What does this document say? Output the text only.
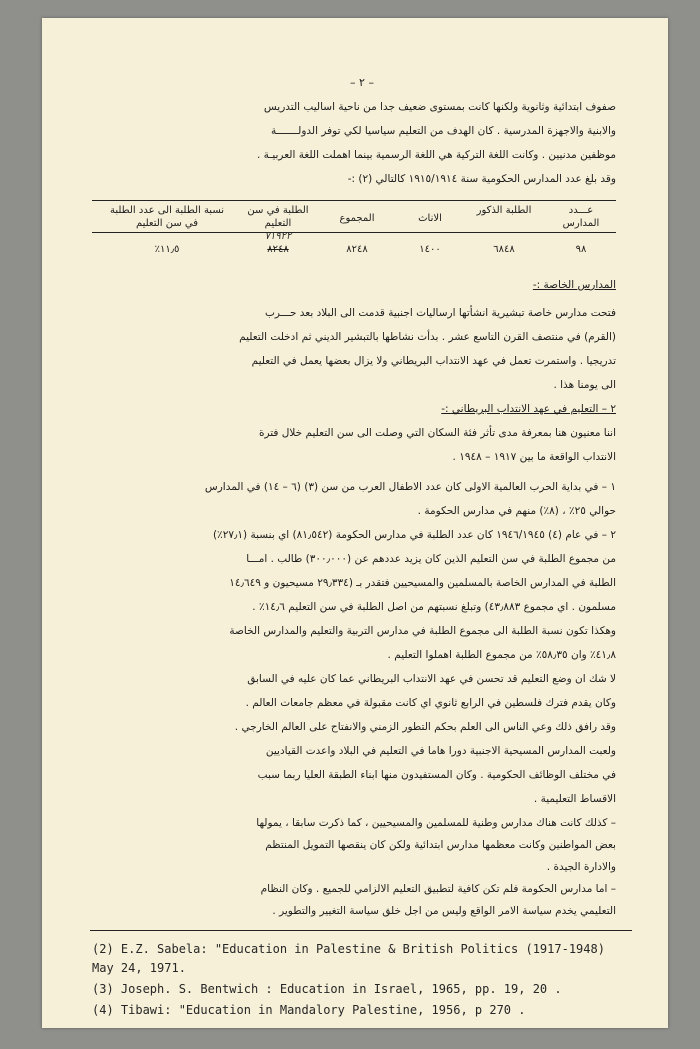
– ٢ –
صفوف ابتدائية وثانوية ولكنها كانت بمستوى ضعيف جدا من ناحية اساليب التدريس
والابنية والاجهزة المدرسية . كان الهدف من التعليم سياسيا لكي توفر الدولـــــــة
موظفين مدنيين . وكانت اللغة التركية هي اللغة الرسمية بينما اهملت اللغة العربيـة .
وقد بلغ عدد المدارس الحكومية سنة ١٩١٥/١٩١٤ كالتالي (٢) :-
عـــدد المدارس
الطلبة الذكور
الاناث
المجموع
الطلبة في سن التعليم
نسبة الطلبة الى عدد الطلبة في سن التعليم
٩٨
٦٨٤٨
١٤٠٠
٨٢٤٨
٨٢٤٨
٧١٩٢٢
١١٫٥٪
المدارس الخاصة :-
فتحت مدارس خاصة تبشيرية انشأتها ارساليات اجنبية قدمت الى البلاد بعد حـــرب
(القرم) في منتصف القرن التاسع عشر . بدأت نشاطها بالتبشير الديني ثم ادخلت التعليم
تدريجيا . واستمرت تعمل في عهد الانتداب البريطاني ولا يزال بعضها يعمل في التعليم
الى يومنا هذا .
٢ – التعليم في عهد الانتداب البريطاني :-
اننا معنيون هنا بمعرفة مدى تأثر فئة السكان التي وصلت الى سن التعليم خلال فترة
الانتداب الواقعة ما بين ١٩١٧ – ١٩٤٨ .
١ – في بداية الحرب العالمية الاولى كان عدد الاطفال العرب من سن (٣) (٦ – ١٤) في المدارس
حوالي ٢٥٪ ، (٨٪) منهم في مدارس الحكومة .
٢ – في عام (٤) ١٩٤٦/١٩٤٥ كان عدد الطلبة في مدارس الحكومة (٨١٫٥٤٢) اي بنسبة (٢٧٫١٪)
من مجموع الطلبة في سن التعليم الذين كان يزيد عددهم عن (٣٠٠٫٠٠٠) طالب . امـــا
الطلبة في المدارس الخاصة بالمسلمين والمسيحيين فتقدر بـ (٢٩٫٣٣٤ مسيحيون و ١٤٫٦٤٩
مسلمون . اي مجموع ٤٣٫٨٨٣) وتبلغ نسبتهم من اصل الطلبة في سن التعليم ١٤٫٦٪ .
وهكذا تكون نسبة الطلبة الى مجموع الطلبة في مدارس التربية والتعليم والمدارس الخاصة
٤١٫٨٪ وان ٥٨٫٣٥٪ من مجموع الطلبة اهملوا التعليم .
لا شك ان وضع التعليم قد تحسن في عهد الانتداب البريطاني عما كان عليه في السابق
وكان يقدم فترك فلسطين في الرابع ثانوي اي كانت مقبولة في معظم جامعات العالم .
وقد رافق ذلك وعي الناس الى العلم بحكم التطور الزمني والانفتاح على العالم الخارجي .
ولعبت المدارس المسيحية الاجنبية دورا هاما في التعليم في البلاد واعدت القياديين
في مختلف الوظائف الحكومية . وكان المستفيدون منها ابناء الطبقة العليا ربما سبب
الاقساط التعليمية .
– كذلك كانت هناك مدارس وطنية للمسلمين والمسيحيين ، كما ذكرت سابقا ، يمولها
بعض المواطنين وكانت معظمها مدارس ابتدائية ولكن كان ينقصها التمويل المنتظم
والادارة الجيدة .
– اما مدارس الحكومة فلم تكن كافية لتطبيق التعليم الالزامي للجميع . وكان النظام
التعليمي يخدم سياسة الامر الواقع وليس من اجل خلق سياسة التغيير والتطوير .
(2) E.Z. Sabela: "Education in Palestine & British Politics (1917-1948)
May 24, 1971.
(3) Joseph. S. Bentwich : Education in Israel, 1965, pp. 19, 20 .
(4) Tibawi: "Education in Mandalory Palestine, 1956, p 270 .
